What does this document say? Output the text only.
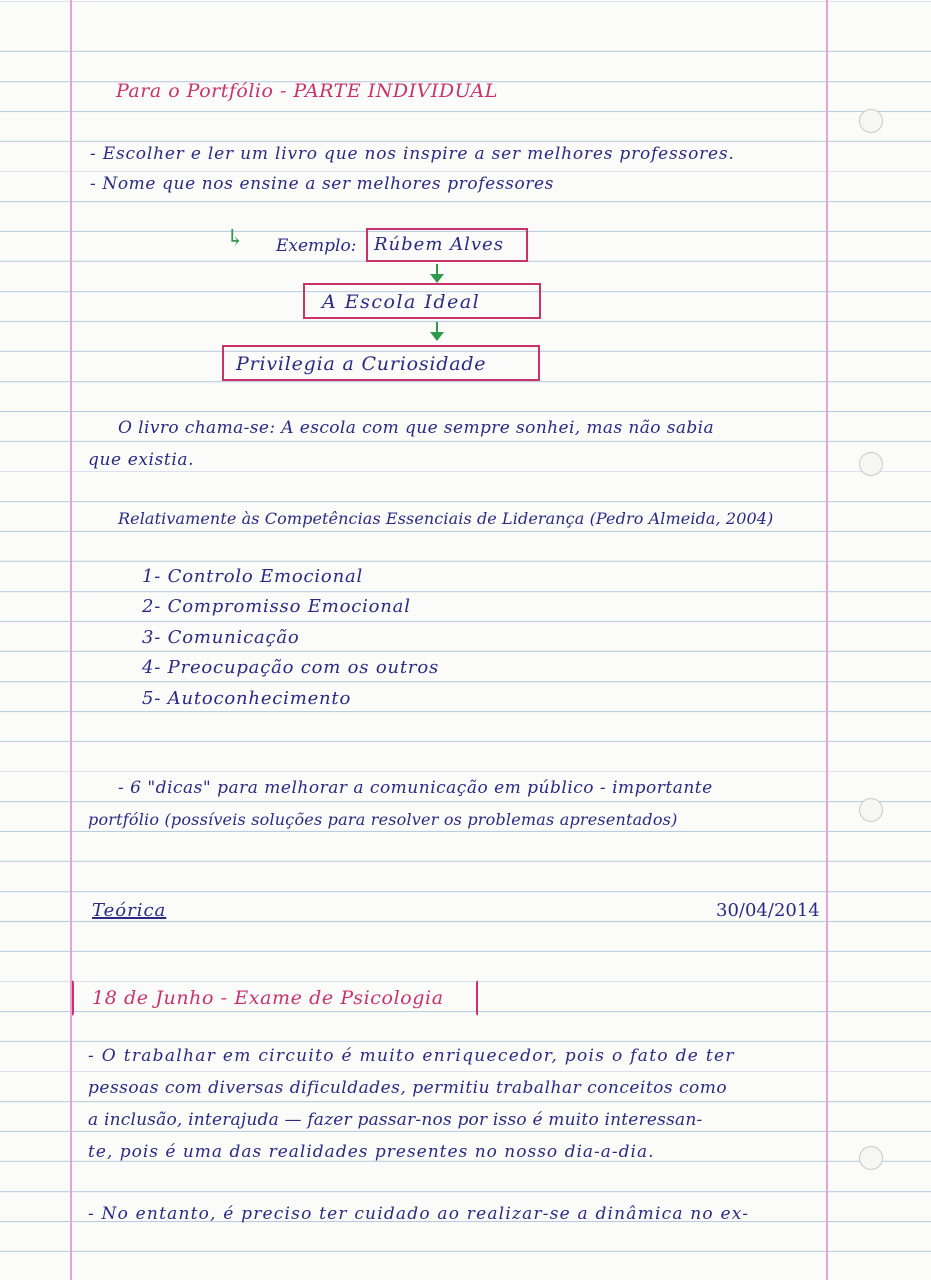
Para o Portfólio - PARTE INDIVIDUAL
- Escolher e ler um livro que nos inspire a ser melhores professores.
- Nome que nos ensine a ser melhores professores
↳ Exemplo: Rúbem Alves
A Escola Ideal
Privilegia a Curiosidade
O livro chama-se: A escola com que sempre sonhei, mas não sabia
que existia.
Relativamente às Competências Essenciais de Liderança (Pedro Almeida, 2004)
1- Controlo Emocional
2- Compromisso Emocional
3- Comunicação
4- Preocupação com os outros
5- Autoconhecimento
- 6 "dicas" para melhorar a comunicação em público - importante
portfólio (possíveis soluções para resolver os problemas apresentados)
Teórica	30/04/2014
18 de Junho - Exame de Psicologia
- O trabalhar em circuito é muito enriquecedor, pois o fato de ter
pessoas com diversas dificuldades, permitiu trabalhar conceitos como
a inclusão, interajuda — fazer passar-nos por isso é muito interessan-
te, pois é uma das realidades presentes no nosso dia-a-dia.
- No entanto, é preciso ter cuidado ao realizar-se a dinâmica no ex-
